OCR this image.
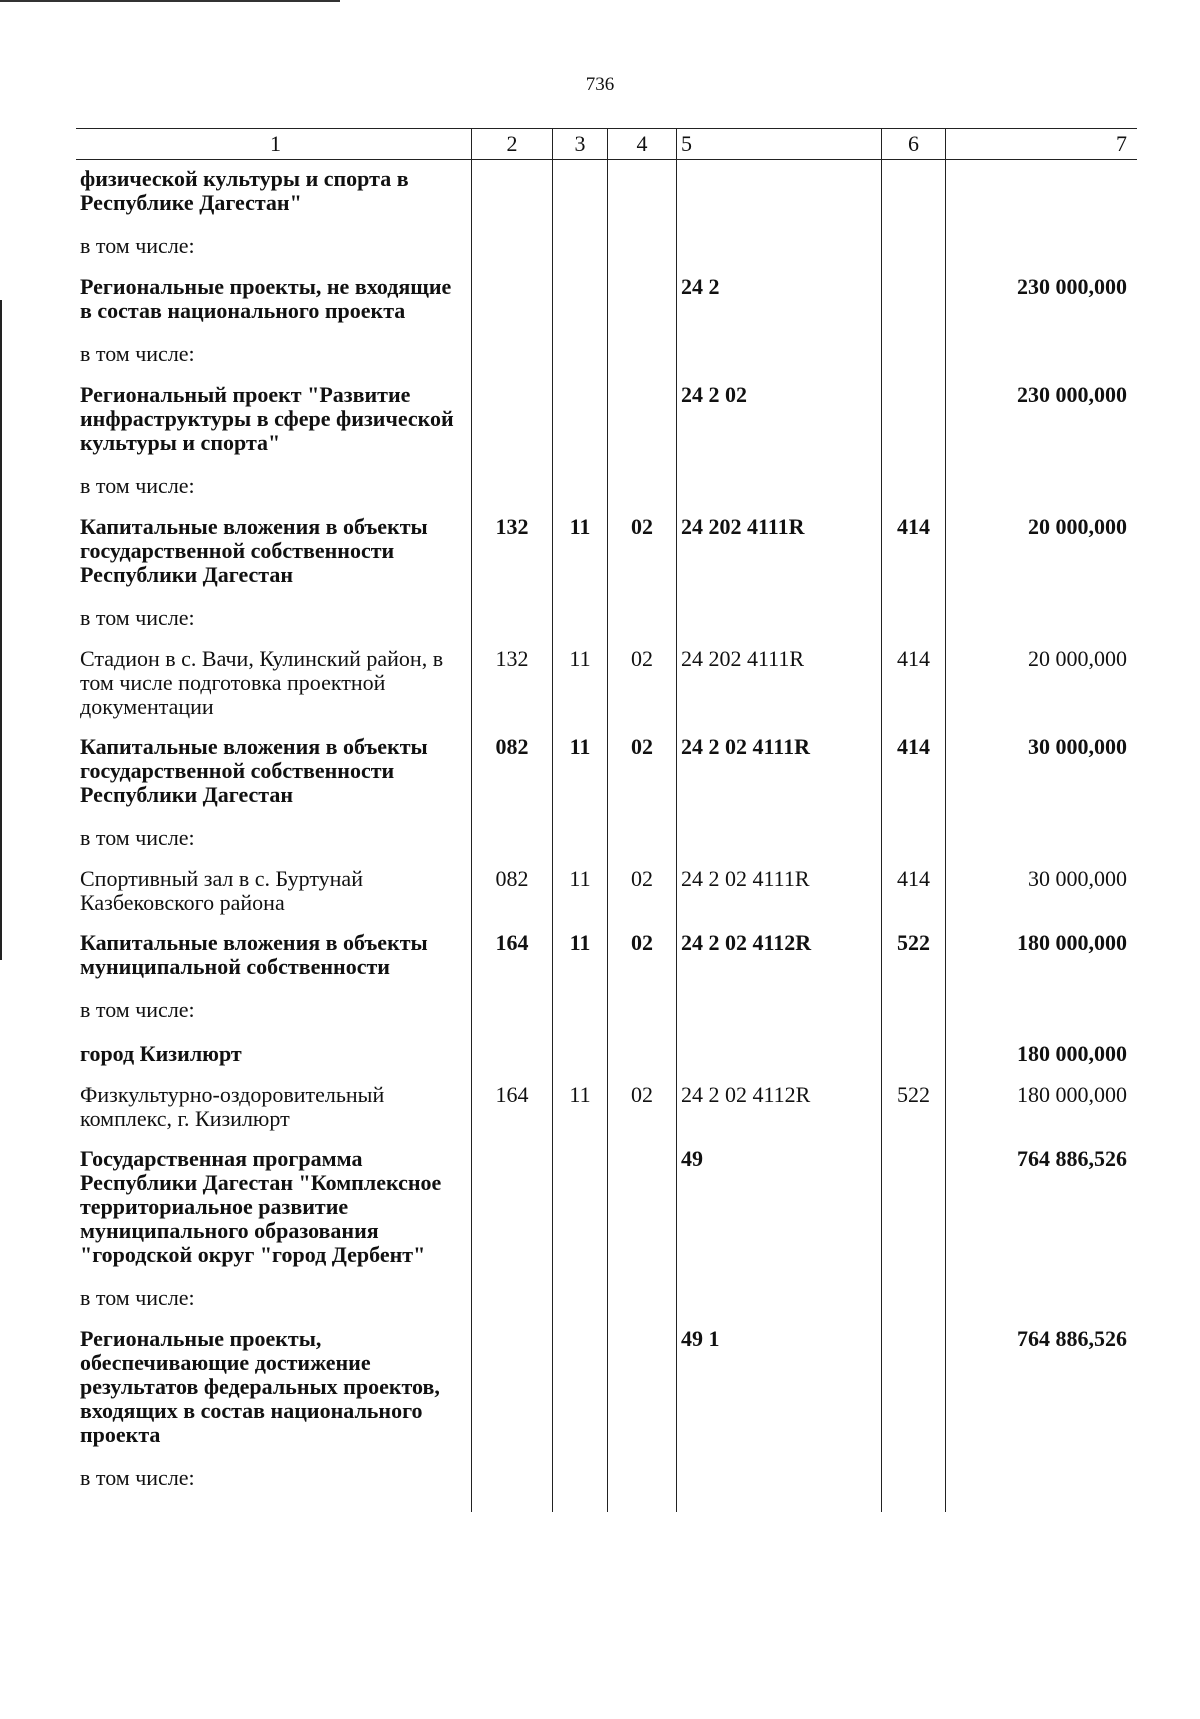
736
1	2	3	4	5	6	7
физической культуры и спорта в Республике Дагестан"						
в том числе:						
Региональные проекты, не входящие в состав национального проекта				24 2		230 000,000
в том числе:						
Региональный проект "Развитие инфраструктуры в сфере физической культуры и спорта"				24 2 02		230 000,000
в том числе:						
Капитальные вложения в объекты государственной собственности Республики Дагестан	132	11	02	24 202 4111R	414	20 000,000
в том числе:						
Стадион в с. Вачи, Кулинский район, в том числе подготовка проектной документации	132	11	02	24 202 4111R	414	20 000,000
Капитальные вложения в объекты государственной собственности Республики Дагестан	082	11	02	24 2 02 4111R	414	30 000,000
в том числе:						
Спортивный зал в с. Буртунай Казбековского района	082	11	02	24 2 02 4111R	414	30 000,000
Капитальные вложения в объекты муниципальной собственности	164	11	02	24 2 02 4112R	522	180 000,000
в том числе:						
город Кизилюрт						180 000,000
Физкультурно-оздоровительный комплекс, г. Кизилюрт	164	11	02	24 2 02 4112R	522	180 000,000
Государственная программа Республики Дагестан "Комплексное территориальное развитие муниципального образования "городской округ "город Дербент"				49		764 886,526
в том числе:						
Региональные проекты, обеспечивающие достижение результатов федеральных проектов, входящих в состав национального проекта				49 1		764 886,526
в том числе:						
